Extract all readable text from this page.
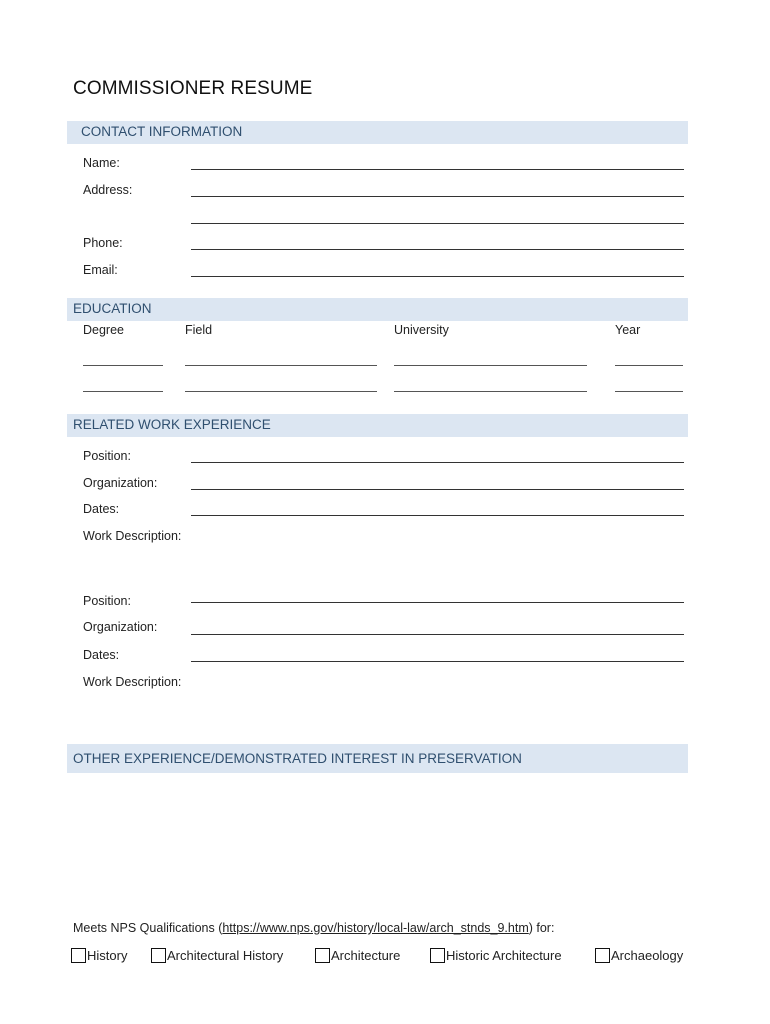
COMMISSIONER RESUME
CONTACT INFORMATION
Name:
Address:
Phone:
Email:
EDUCATION
Degree	Field	University	Year
RELATED WORK EXPERIENCE
Position:
Organization:
Dates:
Work Description:
Position:
Organization:
Dates:
Work Description:
OTHER EXPERIENCE/DEMONSTRATED INTEREST IN PRESERVATION
Meets NPS Qualifications (https://www.nps.gov/history/local-law/arch_stnds_9.htm) for:
History	Architectural History	Architecture	Historic Architecture	Archaeology
